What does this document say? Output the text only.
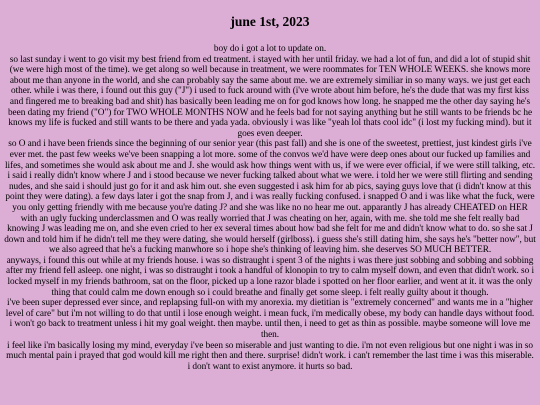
june 1st, 2023

boy do i got a lot to update on.

so last sunday i went to go visit my best friend from ed treatment. i stayed with her until friday. we had a lot of fun, and did a lot of stupid shit (we were high most of the time). we get along so well because in treatment, we were roommates for TEN WHOLE WEEKS. she knows more about me than anyone in the world, and she can probably say the same about me. we are extremely similiar in so many ways. we just get each other. while i was there, i found out this guy ("J") i used to fuck around with (i've wrote about him before, he's the dude that was my first kiss and fingered me to breaking bad and shit) has basically been leading me on for god knows how long. he snapped me the other day saying he's been dating my friend ("O") for TWO WHOLE MONTHS NOW and he feels bad for not saying anything but he still wants to be friends bc he knows my life is fucked and still wants to be there and yada yada. obviously i was like "yeah lol thats cool idc" (i lost my fucking mind). but it goes even deeper.

so O and i have been friends since the beginning of our senior year (this past fall) and she is one of the sweetest, prettiest, just kindest girls i've ever met. the past few weeks we've been snapping a lot more. some of the convos we'd have were deep ones about our fucked up families and lifes, and sometimes she would ask about me and J. she would ask how things went with us, if we were ever official, if we were still talking, etc. i said i really didn't know where J and i stood because we never fucking talked about what we were. i told her we were still flirting and sending nudes, and she said i should just go for it and ask him out. she even suggested i ask him for ab pics, saying guys love that (i didn't know at this point they were dating). a few days later i got the snap from J, and i was really fucking confused. i snapped O and i was like what the fuck, were you only getting friendly with me because you're dating J? and she was like no no hear me out. apparantly J has already CHEATED on HER with an ugly fucking underclassmen and O was really worried that J was cheating on her, again, with me. she told me she felt really bad knowing J was leading me on, and she even cried to her ex several times about how bad she felt for me and didn't know what to do. so she sat J down and told him if he didn't tell me they were dating, she would herself (girlboss). i guess she's still dating him, she says he's "better now", but we also agreed that he's a fucking manwhore so i hope she's thinking of leaving him. she deserves SO MUCH BETTER.

anyways, i found this out while at my friends house. i was so distraught i spent 3 of the nights i was there just sobbing and sobbing and sobbing after my friend fell asleep. one night, i was so distraught i took a handful of klonopin to try to calm myself down, and even that didn't work. so i locked myself in my friends bathroom, sat on the floor, picked up a lone razor blade i spotted on her floor earlier, and went at it. it was the only thing that could calm me down enough so i could breathe and finally get some sleep. i felt really guilty about it though.

i've been super depressed ever since, and replapsing full-on with my anorexia. my dietitian is "extremely concerned" and wants me in a "higher level of care" but i'm not willing to do that until i lose enough weight. i mean fuck, i'm medically obese, my body can handle days without food. i won't go back to treatment unless i hit my goal weight. then maybe. until then, i need to get as thin as possible. maybe someone will love me then.

i feel like i'm basically losing my mind, everyday i've been so miserable and just wanting to die. i'm not even religious but one night i was in so much mental pain i prayed that god would kill me right then and there. surprise! didn't work. i can't remember the last time i was this miserable. i don't want to exist anymore. it hurts so bad.
